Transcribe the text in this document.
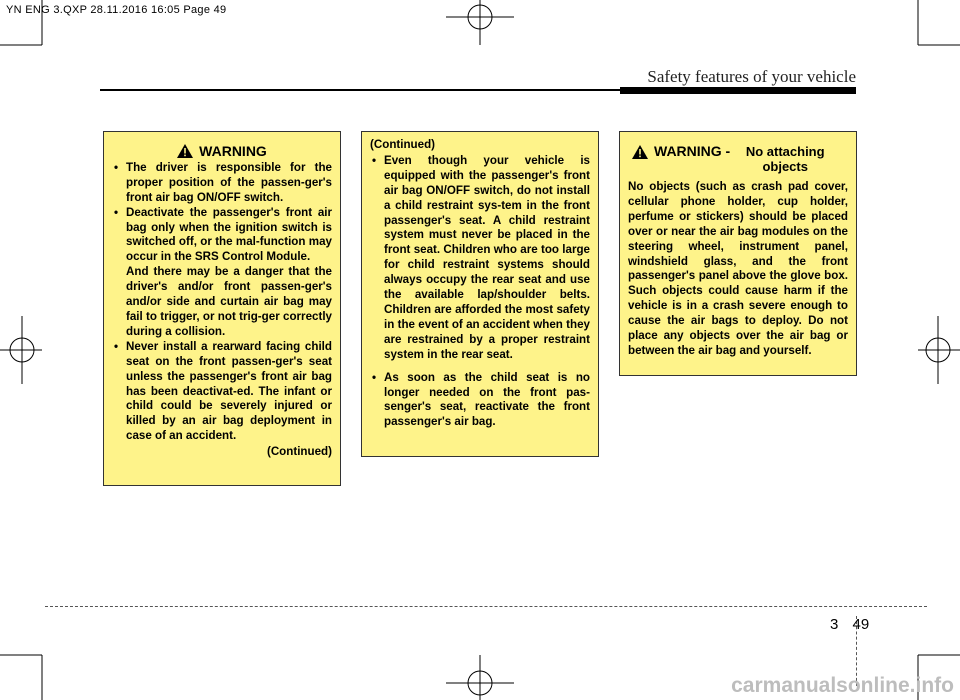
YN ENG 3.QXP 28.11.2016 16:05 Page 49
Safety features of your vehicle
WARNING
• The driver is responsible for the proper position of the passen-ger's front air bag ON/OFF switch.
• Deactivate the passenger's front air bag only when the ignition switch is switched off, or the mal-function may occur in the SRS Control Module.
And there may be a danger that the driver's and/or front passen-ger's and/or side and curtain air bag may fail to trigger, or not trig-ger correctly during a collision.
• Never install a rearward facing child seat on the front passen-ger's seat unless the passenger's front air bag has been deactivat-ed. The infant or child could be severely injured or killed by an air bag deployment in case of an accident.
(Continued)
(Continued)
• Even though your vehicle is equipped with the passenger's front air bag ON/OFF switch, do not install a child restraint sys-tem in the front passenger's seat. A child restraint system must never be placed in the front seat. Children who are too large for child restraint systems should always occupy the rear seat and use the available lap/shoulder belts. Children are afforded the most safety in the event of an accident when they are restrained by a proper restraint system in the rear seat.
• As soon as the child seat is no longer needed on the front pas-senger's seat, reactivate the front passenger's air bag.
WARNING -	No attaching objects
No objects (such as crash pad cover, cellular phone holder, cup holder, perfume or stickers) should be placed over or near the air bag modules on the steering wheel, instrument panel, windshield glass, and the front passenger's panel above the glove box. Such objects could cause harm if the vehicle is in a crash severe enough to cause the air bags to deploy. Do not place any objects over the air bag or between the air bag and yourself.
3 49
carmanualsonline.info
